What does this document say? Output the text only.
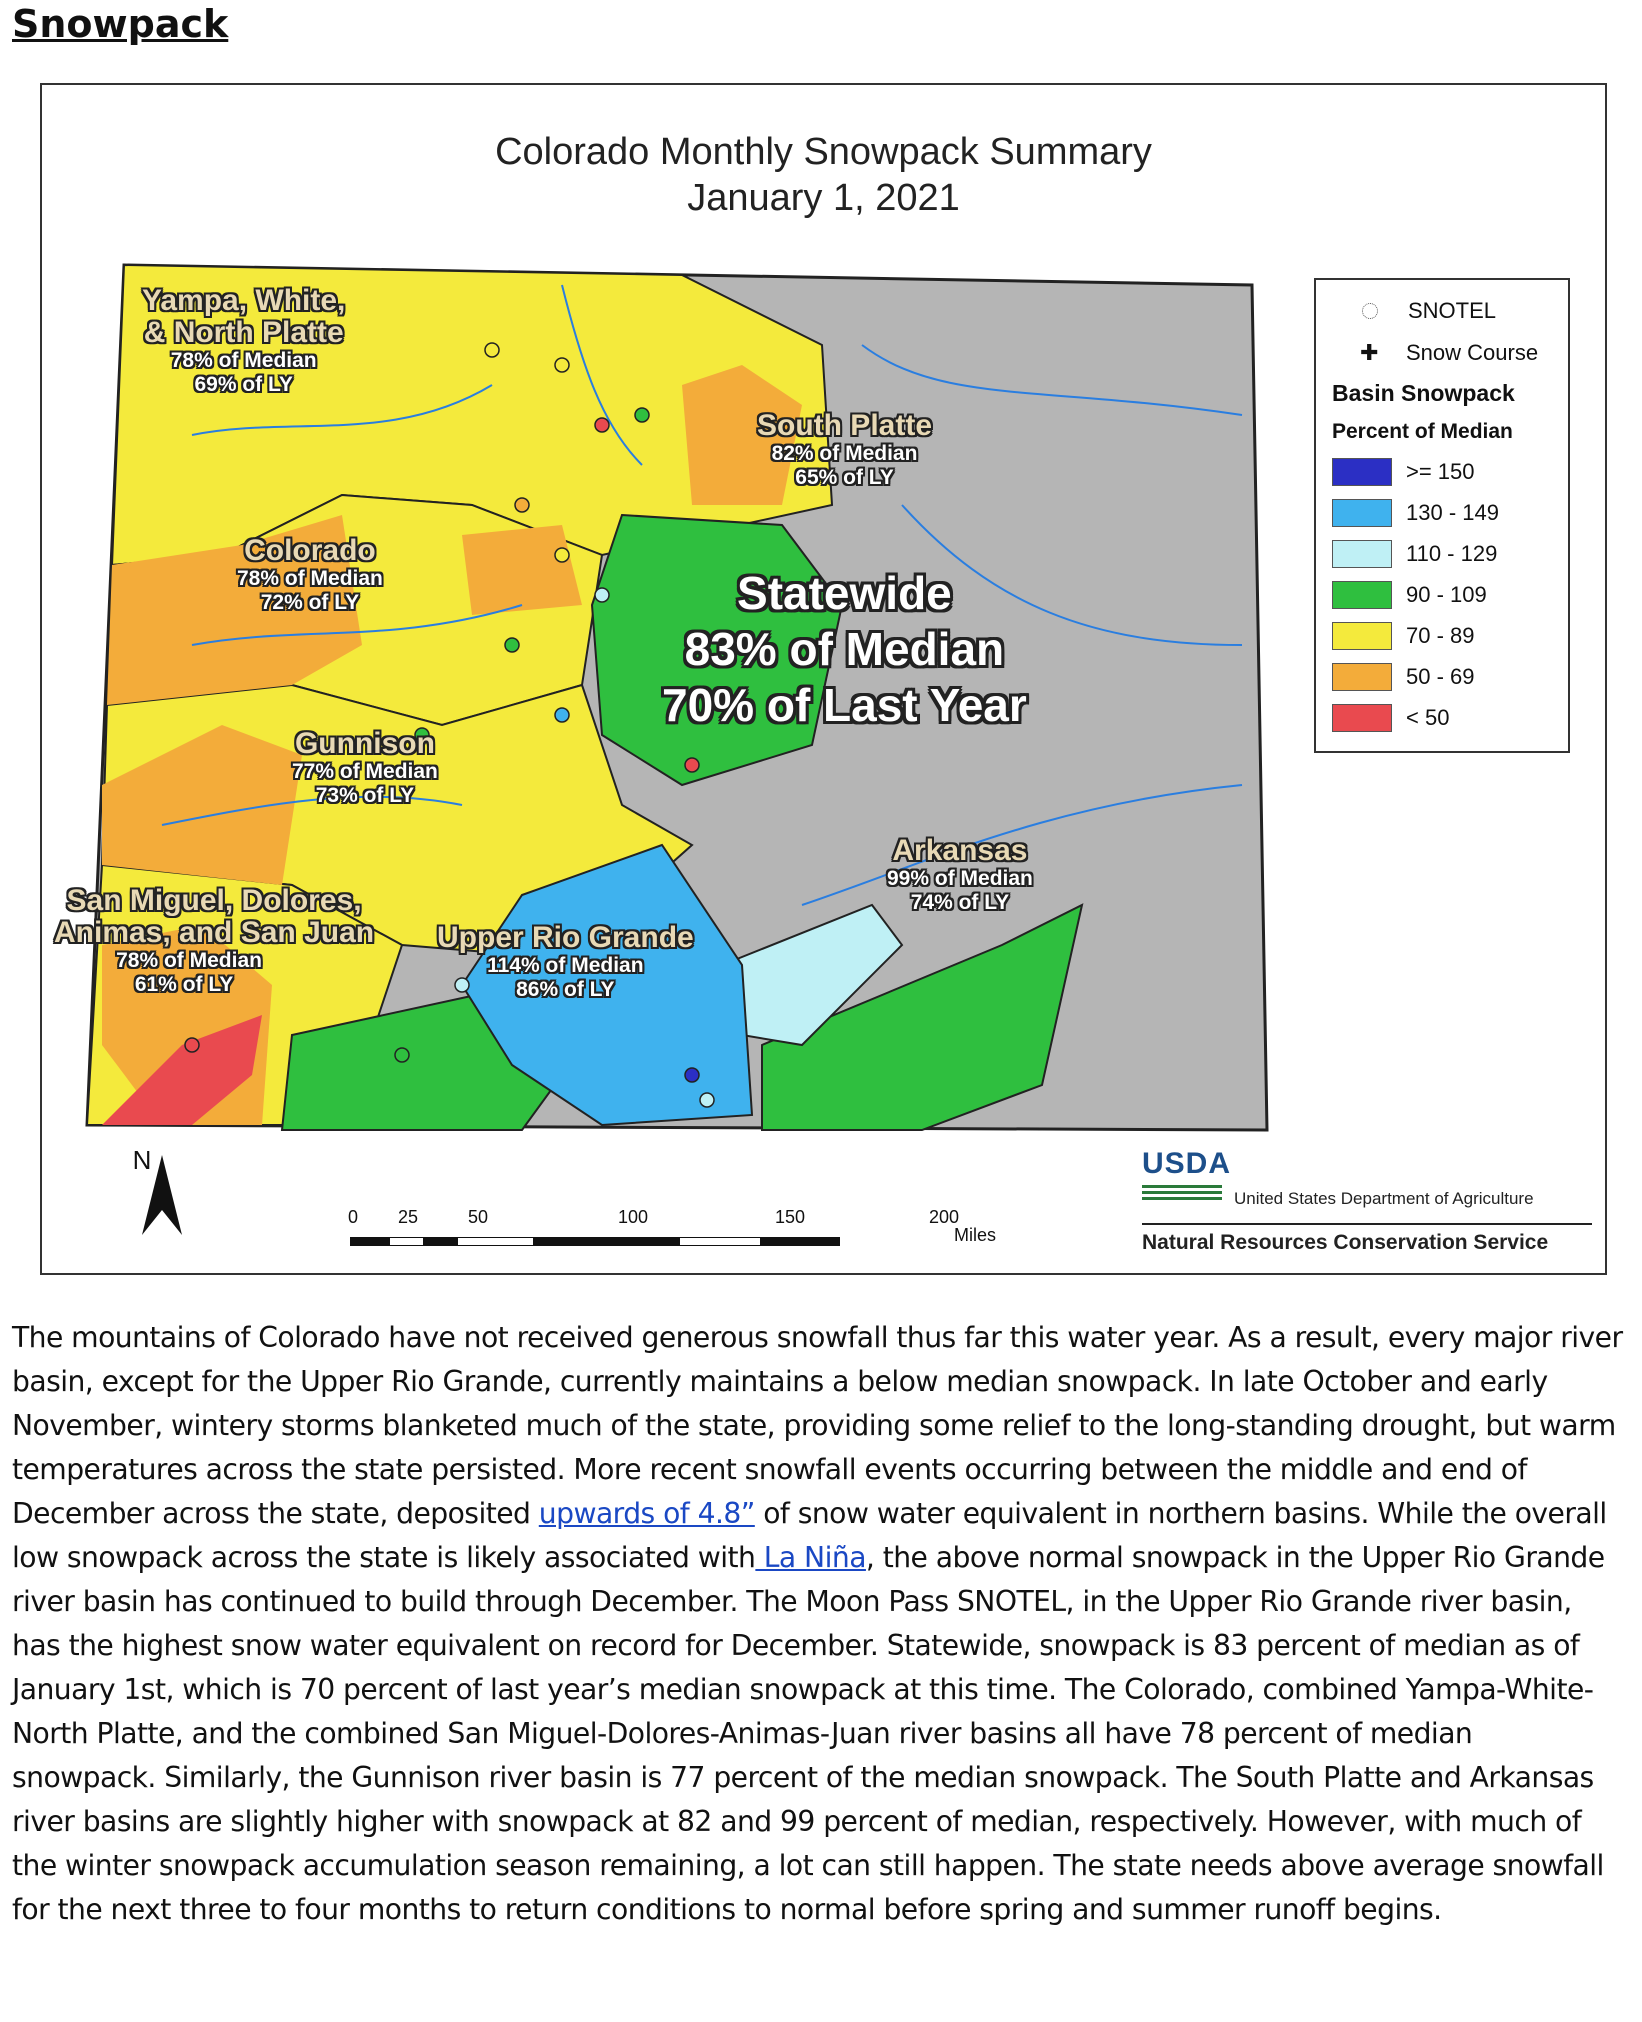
Snowpack
Colorado Monthly Snowpack Summary
January 1, 2021
Yampa, White,
& North Platte
78% of Median
69% of LY
South Platte
82% of Median
65% of LY
Colorado
78% of Median
72% of LY
Gunnison
77% of Median
73% of LY
San Miguel, Dolores,
Animas, and San Juan
78% of Median
61% of LY
Upper Rio Grande
114% of Median
86% of LY
Arkansas
99% of Median
74% of LY
Statewide
83% of Median
70% of Last Year
SNOTEL
✚ Snow Course
Basin Snowpack
Percent of Median
>= 150
130 - 149
110 - 129
90 - 109
70 - 89
50 - 69
< 50
N
0 25	50	100	150	200
Miles
USDA
United States Department of Agriculture
Natural Resources Conservation Service

The mountains of Colorado have not received generous snowfall thus far this water year. As a result, every major river basin, except for the Upper Rio Grande, currently maintains a below median snowpack. In late October and early November, wintery storms blanketed much of the state, providing some relief to the long-standing drought, but warm temperatures across the state persisted. More recent snowfall events occurring between the middle and end of December across the state, deposited upwards of 4.8” of snow water equivalent in northern basins. While the overall low snowpack across the state is likely associated with La Niña, the above normal snowpack in the Upper Rio Grande river basin has continued to build through December. The Moon Pass SNOTEL, in the Upper Rio Grande river basin, has the highest snow water equivalent on record for December. Statewide, snowpack is 83 percent of median as of January 1st, which is 70 percent of last year’s median snowpack at this time. The Colorado, combined Yampa-White-North Platte, and the combined San Miguel-Dolores-Animas-Juan river basins all have 78 percent of median snowpack. Similarly, the Gunnison river basin is 77 percent of the median snowpack. The South Platte and Arkansas river basins are slightly higher with snowpack at 82 and 99 percent of median, respectively. However, with much of the winter snowpack accumulation season remaining, a lot can still happen. The state needs above average snowfall for the next three to four months to return conditions to normal before spring and summer runoff begins.
